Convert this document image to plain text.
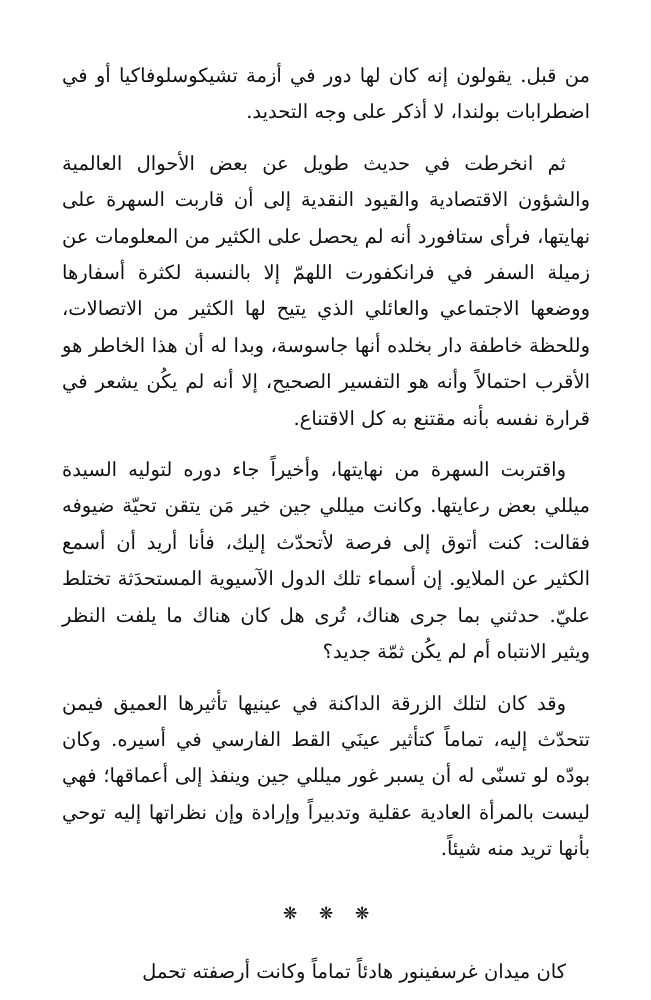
من قبل. يقولون إنه كان لها دور في أزمة تشيكوسلوفاكيا أو في اضطرابات بولندا، لا أذكر على وجه التحديد.

ثم انخرطت في حديث طويل عن بعض الأحوال العالمية والشؤون الاقتصادية والقيود النقدية إلى أن قاربت السهرة على نهايتها، فرأى ستافورد أنه لم يحصل على الكثير من المعلومات عن زميلة السفر في فرانكفورت اللهمّ إلا بالنسبة لكثرة أسفارها ووضعها الاجتماعي والعائلي الذي يتيح لها الكثير من الاتصالات، وللحظة خاطفة دار بخلده أنها جاسوسة، وبدا له أن هذا الخاطر هو الأقرب احتمالاً وأنه هو التفسير الصحيح، إلا أنه لم يكُن يشعر في قرارة نفسه بأنه مقتنع به كل الاقتناع.

واقتربت السهرة من نهايتها، وأخيراً جاء دوره لتوليه السيدة ميللي بعض رعايتها. وكانت ميللي جين خير مَن يتقن تحيّة ضيوفه فقالت: كنت أتوق إلى فرصة لأتحدّث إليك، فأنا أريد أن أسمع الكثير عن الملايو. إن أسماء تلك الدول الآسيوية المستحدَثة تختلط عليّ. حدثني بما جرى هناك، تُرى هل كان هناك ما يلفت النظر ويثير الانتباه أم لم يكُن ثمّة جديد؟

وقد كان لتلك الزرقة الداكنة في عينيها تأثيرها العميق فيمن تتحدّث إليه، تماماً كتأثير عينَي القط الفارسي في أسيره. وكان بودّه لو تسنّى له أن يسبر غور ميللي جين وينفذ إلى أعماقها؛ فهي ليست بالمرأة العادية عقلية وتدبيراً وإرادة وإن نظراتها إليه توحي بأنها تريد منه شيئاً.

❋ ❋ ❋

كان ميدان غرسفينور هادئاً تماماً وكانت أرصفته تحمل
